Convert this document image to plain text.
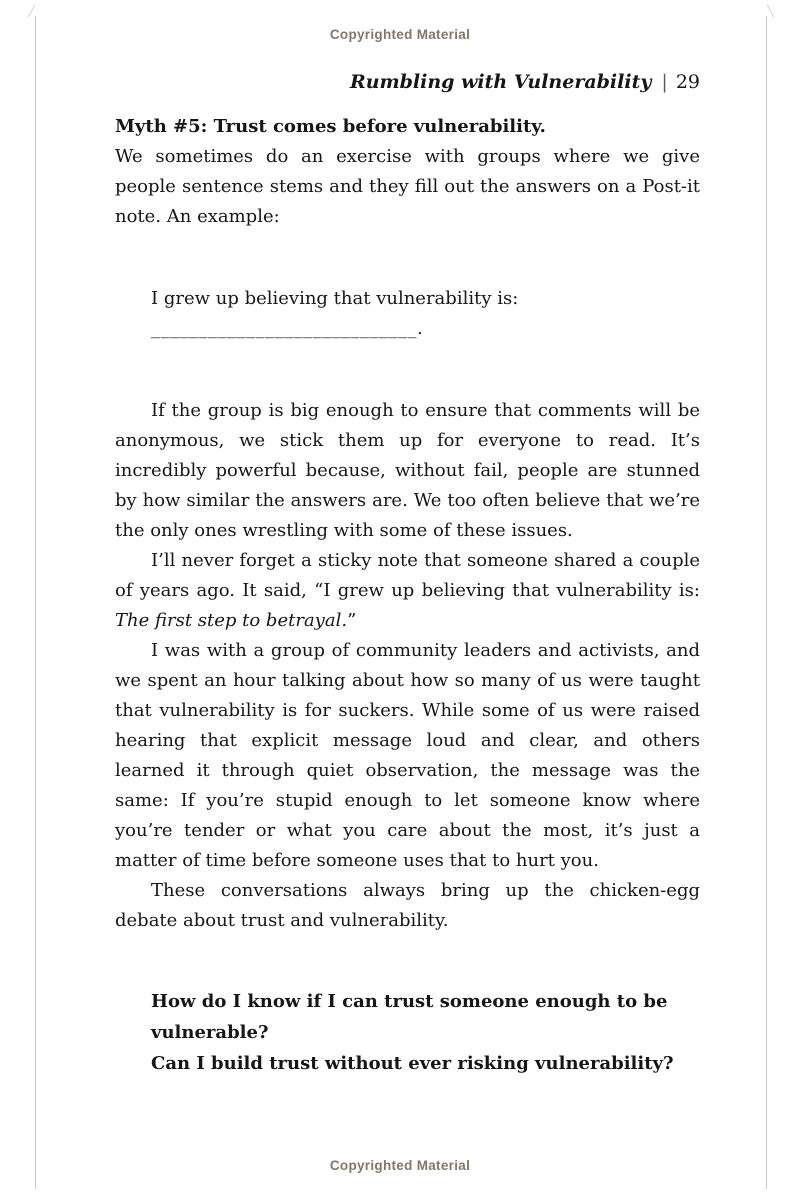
Copyrighted Material
Rumbling with Vulnerability | 29

Myth #5: Trust comes before vulnerability.

We sometimes do an exercise with groups where we give people sentence stems and they fill out the answers on a Post-it note. An example:

I grew up believing that vulnerability is:

____________________________.

If the group is big enough to ensure that comments will be anonymous, we stick them up for everyone to read. It’s incredibly powerful because, without fail, people are stunned by how similar the answers are. We too often believe that we’re the only ones wrestling with some of these issues.

I’ll never forget a sticky note that someone shared a couple of years ago. It said, “I grew up believing that vulnerability is: The first step to betrayal.”

I was with a group of community leaders and activists, and we spent an hour talking about how so many of us were taught that vulnerability is for suckers. While some of us were raised hearing that explicit message loud and clear, and others learned it through quiet observation, the message was the same: If you’re stupid enough to let someone know where you’re tender or what you care about the most, it’s just a matter of time before someone uses that to hurt you.

These conversations always bring up the chicken-egg debate about trust and vulnerability.

How do I know if I can trust someone enough to be vulnerable?

Can I build trust without ever risking vulnerability?

Copyrighted Material
